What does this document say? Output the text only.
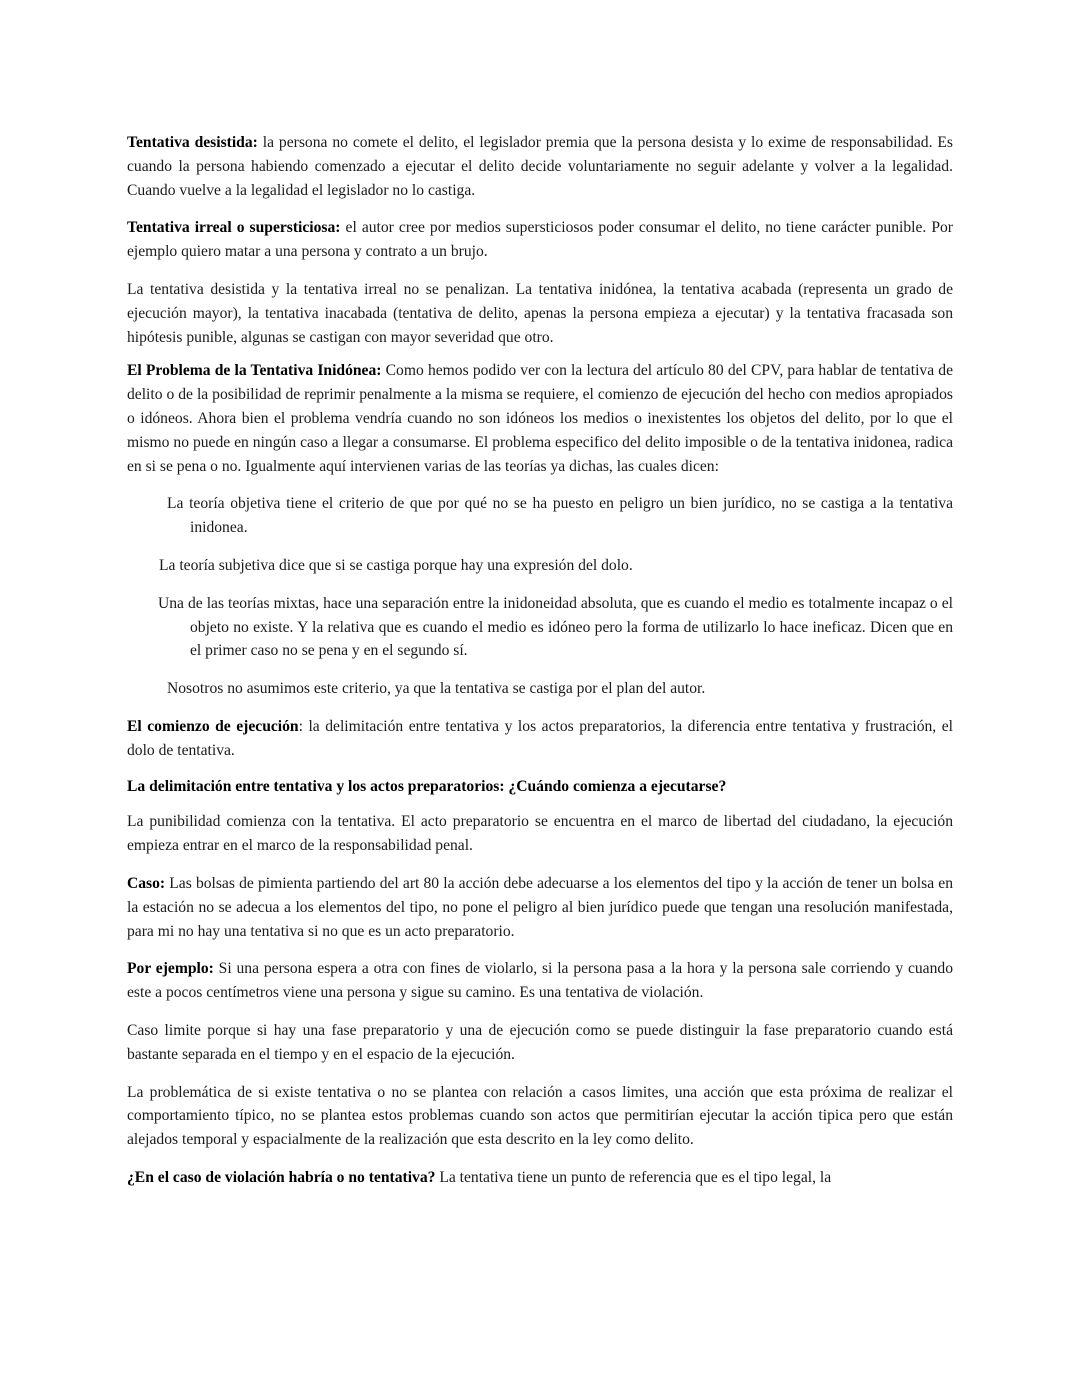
Tentativa desistida: la persona no comete el delito, el legislador premia que la persona desista y lo exime de responsabilidad. Es cuando la persona habiendo comenzado a ejecutar el delito decide voluntariamente no seguir adelante y volver a la legalidad. Cuando vuelve a la legalidad el legislador no lo castiga.

Tentativa irreal o supersticiosa: el autor cree por medios supersticiosos poder consumar el delito, no tiene carácter punible. Por ejemplo quiero matar a una persona y contrato a un brujo.

La tentativa desistida y la tentativa irreal no se penalizan. La tentativa inidónea, la tentativa acabada (representa un grado de ejecución mayor), la tentativa inacabada (tentativa de delito, apenas la persona empieza a ejecutar) y la tentativa fracasada son hipótesis punible, algunas se castigan con mayor severidad que otro.

El Problema de la Tentativa Inidónea: Como hemos podido ver con la lectura del artículo 80 del CPV, para hablar de tentativa de delito o de la posibilidad de reprimir penalmente a la misma se requiere, el comienzo de ejecución del hecho con medios apropiados o idóneos. Ahora bien el problema vendría cuando no son idóneos los medios o inexistentes los objetos del delito, por lo que el mismo no puede en ningún caso a llegar a consumarse. El problema especifico del delito imposible o de la tentativa inidonea, radica en si se pena o no. Igualmente aquí intervienen varias de las teorías ya dichas, las cuales dicen:

La teoría objetiva tiene el criterio de que por qué no se ha puesto en peligro un bien jurídico, no se castiga a la tentativa inidonea.

La teoría subjetiva dice que si se castiga porque hay una expresión del dolo.

Una de las teorías mixtas, hace una separación entre la inidoneidad absoluta, que es cuando el medio es totalmente incapaz o el objeto no existe. Y la relativa que es cuando el medio es idóneo pero la forma de utilizarlo lo hace ineficaz. Dicen que en el primer caso no se pena y en el segundo sí.

Nosotros no asumimos este criterio, ya que la tentativa se castiga por el plan del autor.

El comienzo de ejecución: la delimitación entre tentativa y los actos preparatorios, la diferencia entre tentativa y frustración, el dolo de tentativa.

La delimitación entre tentativa y los actos preparatorios: ¿Cuándo comienza a ejecutarse?

La punibilidad comienza con la tentativa. El acto preparatorio se encuentra en el marco de libertad del ciudadano, la ejecución empieza entrar en el marco de la responsabilidad penal.

Caso: Las bolsas de pimienta partiendo del art 80 la acción debe adecuarse a los elementos del tipo y la acción de tener un bolsa en la estación no se adecua a los elementos del tipo, no pone el peligro al bien jurídico puede que tengan una resolución manifestada, para mi no hay una tentativa si no que es un acto preparatorio.

Por ejemplo: Si una persona espera a otra con fines de violarlo, si la persona pasa a la hora y la persona sale corriendo y cuando este a pocos centímetros viene una persona y sigue su camino. Es una tentativa de violación.

Caso limite porque si hay una fase preparatorio y una de ejecución como se puede distinguir la fase preparatorio cuando está bastante separada en el tiempo y en el espacio de la ejecución.

La problemática de si existe tentativa o no se plantea con relación a casos limites, una acción que esta próxima de realizar el comportamiento típico, no se plantea estos problemas cuando son actos que permitirían ejecutar la acción tipica pero que están alejados temporal y espacialmente de la realización que esta descrito en la ley como delito.

¿En el caso de violación habría o no tentativa? La tentativa tiene un punto de referencia que es el tipo legal, la
